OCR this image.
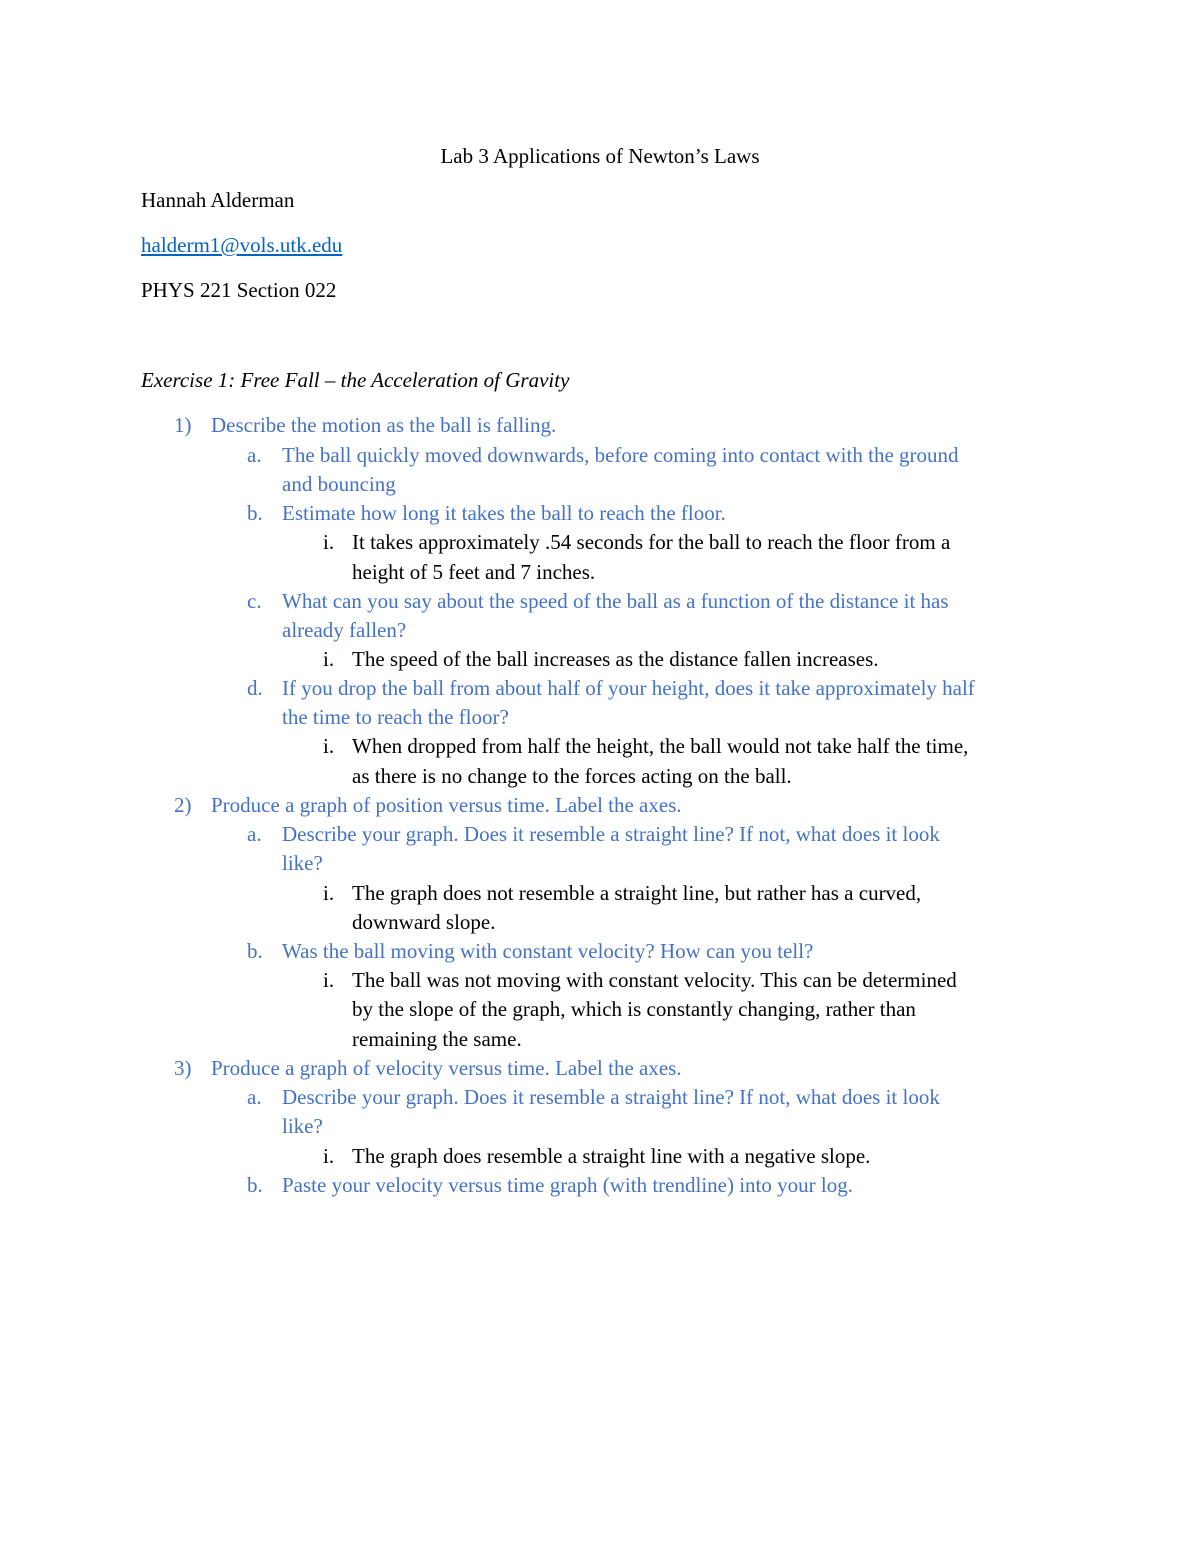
Lab 3 Applications of Newton’s Laws
Hannah Alderman
halderm1@vols.utk.edu
PHYS 221 Section 022
Exercise 1: Free Fall – the Acceleration of Gravity
1) Describe the motion as the ball is falling.
a. The ball quickly moved downwards, before coming into contact with the ground
and bouncing
b. Estimate how long it takes the ball to reach the floor.
i. It takes approximately .54 seconds for the ball to reach the floor from a
height of 5 feet and 7 inches.
c. What can you say about the speed of the ball as a function of the distance it has
already fallen?
i. The speed of the ball increases as the distance fallen increases.
d. If you drop the ball from about half of your height, does it take approximately half
the time to reach the floor?
i. When dropped from half the height, the ball would not take half the time,
as there is no change to the forces acting on the ball.
2) Produce a graph of position versus time. Label the axes.
a. Describe your graph. Does it resemble a straight line? If not, what does it look
like?
i. The graph does not resemble a straight line, but rather has a curved,
downward slope.
b. Was the ball moving with constant velocity? How can you tell?
i. The ball was not moving with constant velocity. This can be determined
by the slope of the graph, which is constantly changing, rather than
remaining the same.
3) Produce a graph of velocity versus time. Label the axes.
a. Describe your graph. Does it resemble a straight line? If not, what does it look
like?
i. The graph does resemble a straight line with a negative slope.
b. Paste your velocity versus time graph (with trendline) into your log.
